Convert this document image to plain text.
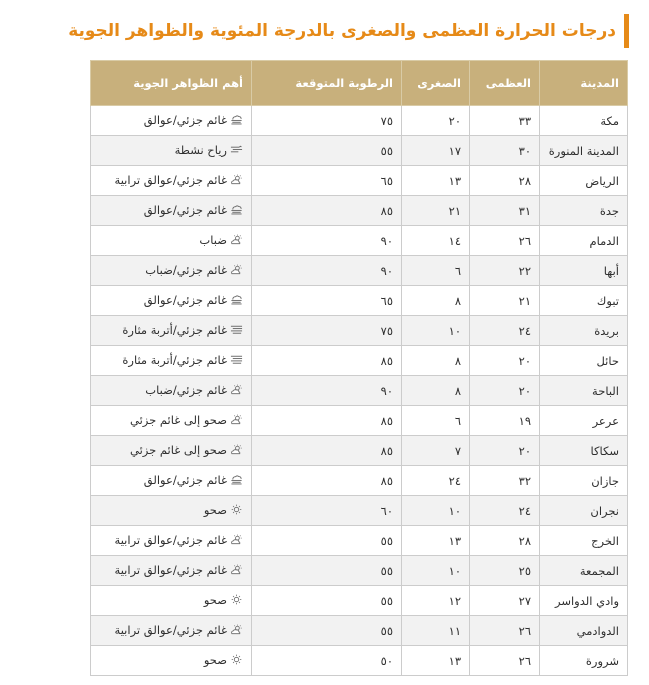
درجات الحرارة العظمى والصغرى بالدرجة المئوية والظواهر الجوية
المدينة	العظمى	الصغرى	الرطوبة المتوقعة	أهم الظواهر الجوية
مكة	٣٣	٢٠	٧٥	غائم جزئي/عوالق

المدينة المنورة	٣٠	١٧	٥٥	رياح نشطة

الرياض	٢٨	١٣	٦٥	غائم جزئي/عوالق ترابية

جدة	٣١	٢١	٨٥	غائم جزئي/عوالق

الدمام	٢٦	١٤	٩٠	ضباب

أبها	٢٢	٦	٩٠	غائم جزئي/ضباب

تبوك	٢١	٨	٦٥	غائم جزئي/عوالق

بريدة	٢٤	١٠	٧٥	غائم جزئي/أتربة مثارة

حائل	٢٠	٨	٨٥	غائم جزئي/أتربة مثارة

الباحة	٢٠	٨	٩٠	غائم جزئي/ضباب

عرعر	١٩	٦	٨٥	صحو إلى غائم جزئي

سكاكا	٢٠	٧	٨٥	صحو إلى غائم جزئي

جازان	٣٢	٢٤	٨٥	غائم جزئي/عوالق

نجران	٢٤	١٠	٦٠	صحو

الخرج	٢٨	١٣	٥٥	غائم جزئي/عوالق ترابية

المجمعة	٢٥	١٠	٥٥	غائم جزئي/عوالق ترابية

وادي الدواسر	٢٧	١٢	٥٥	صحو

الدوادمي	٢٦	١١	٥٥	غائم جزئي/عوالق ترابية

شرورة	٢٦	١٣	٥٠	صحو
